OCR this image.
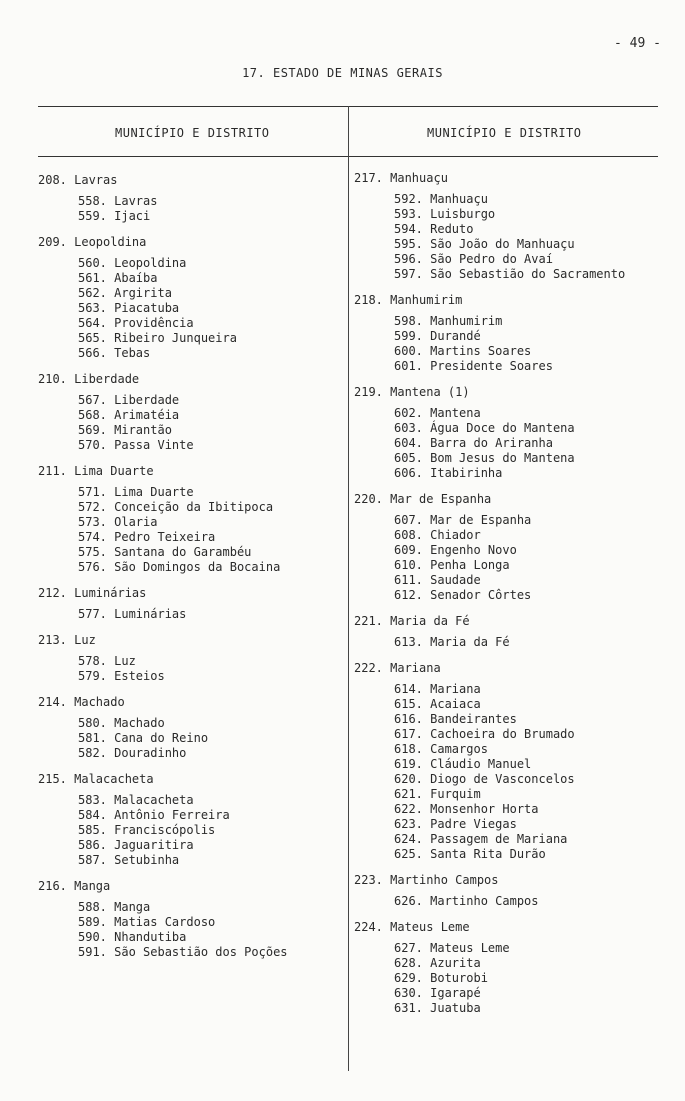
- 49 -
17. ESTADO DE MINAS GERAIS
MUNICÍPIO E DISTRITO	MUNICÍPIO E DISTRITO
208. Lavras
558. Lavras
559. Ijaci
209. Leopoldina
560. Leopoldina
561. Abaíba
562. Argirita
563. Piacatuba
564. Providência
565. Ribeiro Junqueira
566. Tebas
210. Liberdade
567. Liberdade
568. Arimatéia
569. Mirantão
570. Passa Vinte
211. Lima Duarte
571. Lima Duarte
572. Conceição da Ibitipoca
573. Olaria
574. Pedro Teixeira
575. Santana do Garambéu
576. São Domingos da Bocaina
212. Luminárias
577. Luminárias
213. Luz
578. Luz
579. Esteios
214. Machado
580. Machado
581. Cana do Reino
582. Douradinho
215. Malacacheta
583. Malacacheta
584. Antônio Ferreira
585. Franciscópolis
586. Jaguaritira
587. Setubinha
216. Manga
588. Manga
589. Matias Cardoso
590. Nhandutiba
591. São Sebastião dos Poções
217. Manhuaçu
592. Manhuaçu
593. Luisburgo
594. Reduto
595. São João do Manhuaçu
596. São Pedro do Avaí
597. São Sebastião do Sacramento
218. Manhumirim
598. Manhumirim
599. Durandé
600. Martins Soares
601. Presidente Soares
219. Mantena (1)
602. Mantena
603. Água Doce do Mantena
604. Barra do Ariranha
605. Bom Jesus do Mantena
606. Itabirinha
220. Mar de Espanha
607. Mar de Espanha
608. Chiador
609. Engenho Novo
610. Penha Longa
611. Saudade
612. Senador Côrtes
221. Maria da Fé
613. Maria da Fé
222. Mariana
614. Mariana
615. Acaiaca
616. Bandeirantes
617. Cachoeira do Brumado
618. Camargos
619. Cláudio Manuel
620. Diogo de Vasconcelos
621. Furquim
622. Monsenhor Horta
623. Padre Viegas
624. Passagem de Mariana
625. Santa Rita Durão
223. Martinho Campos
626. Martinho Campos
224. Mateus Leme
627. Mateus Leme
628. Azurita
629. Boturobi
630. Igarapé
631. Juatuba
